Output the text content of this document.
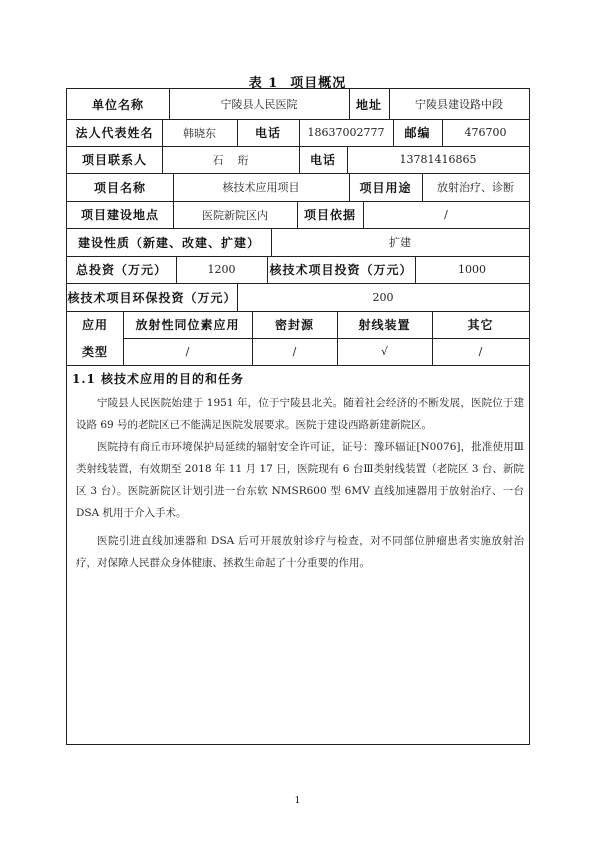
表 1 项目概况
单位名称	宁陵县人民医院	地址	宁陵县建设路中段
法人代表姓名	韩晓东	电话	18637002777	邮编	476700
项目联系人	石    珩	电话	13781416865
项目名称	核技术应用项目	项目用途	放射治疗、诊断
项目建设地点	医院新院区内	项目依据	/
建设性质（新建、改建、扩建）	扩建
总投资（万元）	1200	核技术项目投资（万元）	1000
核技术项目环保投资（万元）	200
应用
类型
放射性同位素应用	密封源	射线装置	其它
/	/	√	/
1.1 核技术应用的目的和任务

宁陵县人民医院始建于 1951 年，位于宁陵县北关。随着社会经济的不断发展，医院位于建设路 69 号的老院区已不能满足医院发展要求。医院于建设西路新建新院区。

医院持有商丘市环境保护局延续的辐射安全许可证，证号：豫环辐证[N0076]，批准使用Ⅲ类射线装置，有效期至 2018 年 11 月 17 日，医院现有 6 台Ⅲ类射线装置（老院区 3 台、新院区 3 台）。医院新院区计划引进一台东软 NMSR600 型 6MV 直线加速器用于放射治疗、一台 DSA 机用于介入手术。

医院引进直线加速器和 DSA 后可开展放射诊疗与检查，对不同部位肿瘤患者实施放射治疗，对保障人民群众身体健康、拯救生命起了十分重要的作用。

1
